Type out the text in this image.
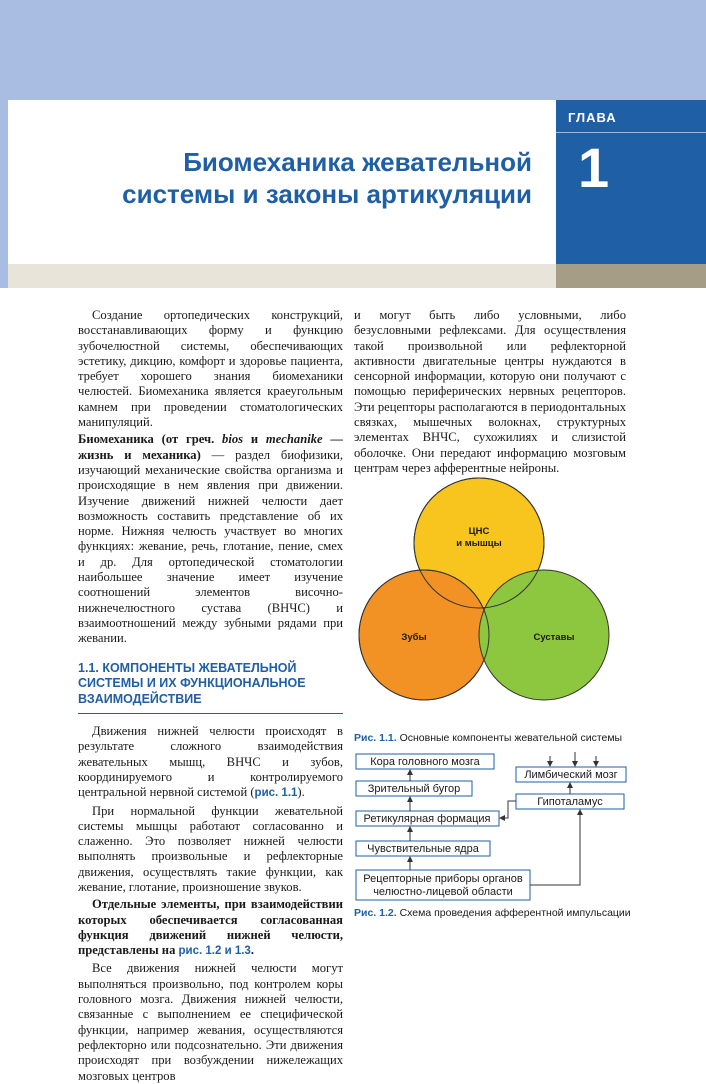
ГЛАВА
1
Биомеханика жевательной
системы и законы артикуляции

Создание ортопедических конструкций, восстанавливающих форму и функцию зубочелюстной системы, обеспечивающих эстетику, дикцию, комфорт и здоровье пациента, требует хорошего знания биомеханики челюстей. Биомеханика является краеугольным камнем при проведении стоматологических манипуляций.

Биомеханика (от греч. bios и mechanike — жизнь и механика) — раздел биофизики, изучающий механические свойства организма и происходящие в нем явления при движении. Изучение движений нижней челюсти дает возможность составить представление об их норме. Нижняя челюсть участвует во многих функциях: жевание, речь, глотание, пение, смех и др. Для ортопедической стоматологии наибольшее значение имеет изучение соотношений элементов височно-нижнечелюстного сустава (ВНЧС) и взаимоотношений между зубными рядами при жевании.

1.1. КОМПОНЕНТЫ ЖЕВАТЕЛЬНОЙ СИСТЕМЫ И ИХ ФУНКЦИОНАЛЬНОЕ ВЗАИМОДЕЙСТВИЕ

Движения нижней челюсти происходят в результате сложного взаимодействия жевательных мышц, ВНЧС и зубов, координируемого и контролируемого центральной нервной системой (рис. 1.1).

При нормальной функции жевательной системы мышцы работают согласованно и слаженно. Это позволяет нижней челюсти выполнять произвольные и рефлекторные движения, осуществлять такие функции, как жевание, глотание, произношение звуков.

Отдельные элементы, при взаимодействии которых обеспечивается согласованная функция движений нижней челюсти, представлены на рис. 1.2 и 1.3.

Все движения нижней челюсти могут выполняться произвольно, под контролем коры головного мозга. Движения нижней челюсти, связанные с выполнением ее специфической функции, например жевания, осуществляются рефлекторно или подсознательно. Эти движения происходят при возбуждении нижележащих мозговых центров

и могут быть либо условными, либо безусловными рефлексами. Для осуществления такой произвольной или рефлекторной активности двигательные центры нуждаются в сенсорной информации, которую они получают с помощью периферических нервных рецепторов. Эти рецепторы располагаются в периодонтальных связках, мышечных волокнах, структурных элементах ВНЧС, сухожилиях и слизистой оболочке. Они передают информацию мозговым центрам через афферентные нейроны.

ЦНС
и мышцы
Зубы	Суставы
Рис. 1.1. Основные компоненты жевательной системы
Кора головного мозга
Зрительный бугор
Ретикулярная формация
Чувствительные ядра
Рецепторные приборы органов
челюстно-лицевой области
Лимбический мозг
Гипоталамус
Рис. 1.2. Схема проведения афферентной импульсации
